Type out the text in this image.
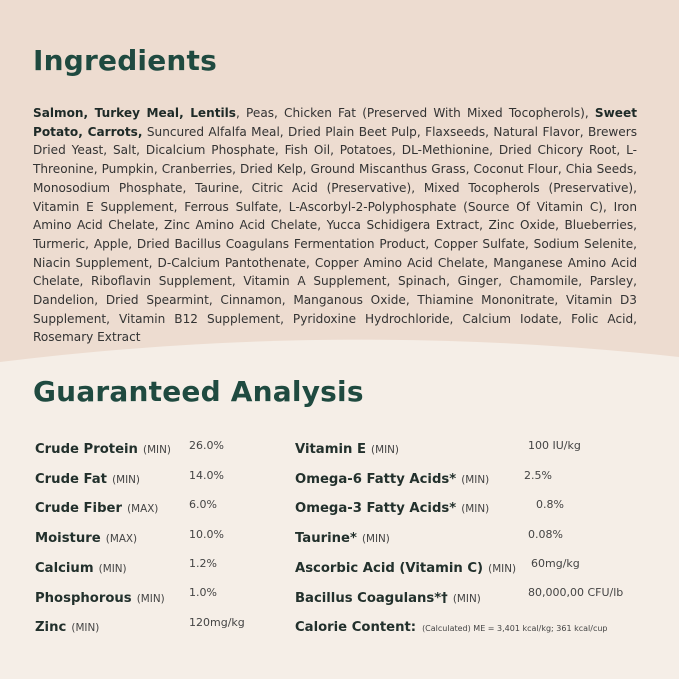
Ingredients
Salmon, Turkey Meal, Lentils, Peas, Chicken Fat (Preserved With Mixed Tocopherols), Sweet Potato, Carrots, Suncured Alfalfa Meal, Dried Plain Beet Pulp, Flaxseeds, Natural Flavor, Brewers Dried Yeast, Salt, Dicalcium Phosphate, Fish Oil, Potatoes, DL-Methionine, Dried Chicory Root, L-Threonine, Pumpkin, Cranberries, Dried Kelp, Ground Miscanthus Grass, Coconut Flour, Chia Seeds, Monosodium Phosphate, Taurine, Citric Acid (Preservative), Mixed Tocopherols (Preservative), Vitamin E Supplement, Ferrous Sulfate, L-Ascorbyl-2-Polyphosphate (Source Of Vitamin C), Iron Amino Acid Chelate, Zinc Amino Acid Chelate, Yucca Schidigera Extract, Zinc Oxide, Blueberries, Turmeric, Apple, Dried Bacillus Coagulans Fermentation Product, Copper Sulfate, Sodium Selenite, Niacin Supplement, D-Calcium Pantothenate, Copper Amino Acid Chelate, Manganese Amino Acid Chelate, Riboflavin Supplement, Vitamin A Supplement, Spinach, Ginger, Chamomile, Parsley, Dandelion, Dried Spearmint, Cinnamon, Manganous Oxide, Thiamine Mononitrate, Vitamin D3 Supplement, Vitamin B12 Supplement, Pyridoxine Hydrochloride, Calcium Iodate, Folic Acid, Rosemary Extract
Guaranteed Analysis
Crude Protein (MIN) 26.0%
Crude Fat (MIN)	14.0%
Crude Fiber (MAX)	6.0%
Moisture (MAX)	10.0%
Calcium (MIN)	1.2%
Phosphorous (MIN) 1.0%
Zinc (MIN)	120mg/kg
Vitamin E (MIN)	100 IU/kg
Omega-6 Fatty Acids* (MIN)	2.5%
Omega-3 Fatty Acids* (MIN)	0.8%
Taurine* (MIN)	0.08%
Ascorbic Acid (Vitamin C) (MIN) 60mg/kg
Bacillus Coagulans*† (MIN)	80,000,00 CFU/lb
Calorie Content: (Calculated) ME = 3,401 kcal/kg; 361 kcal/cup
